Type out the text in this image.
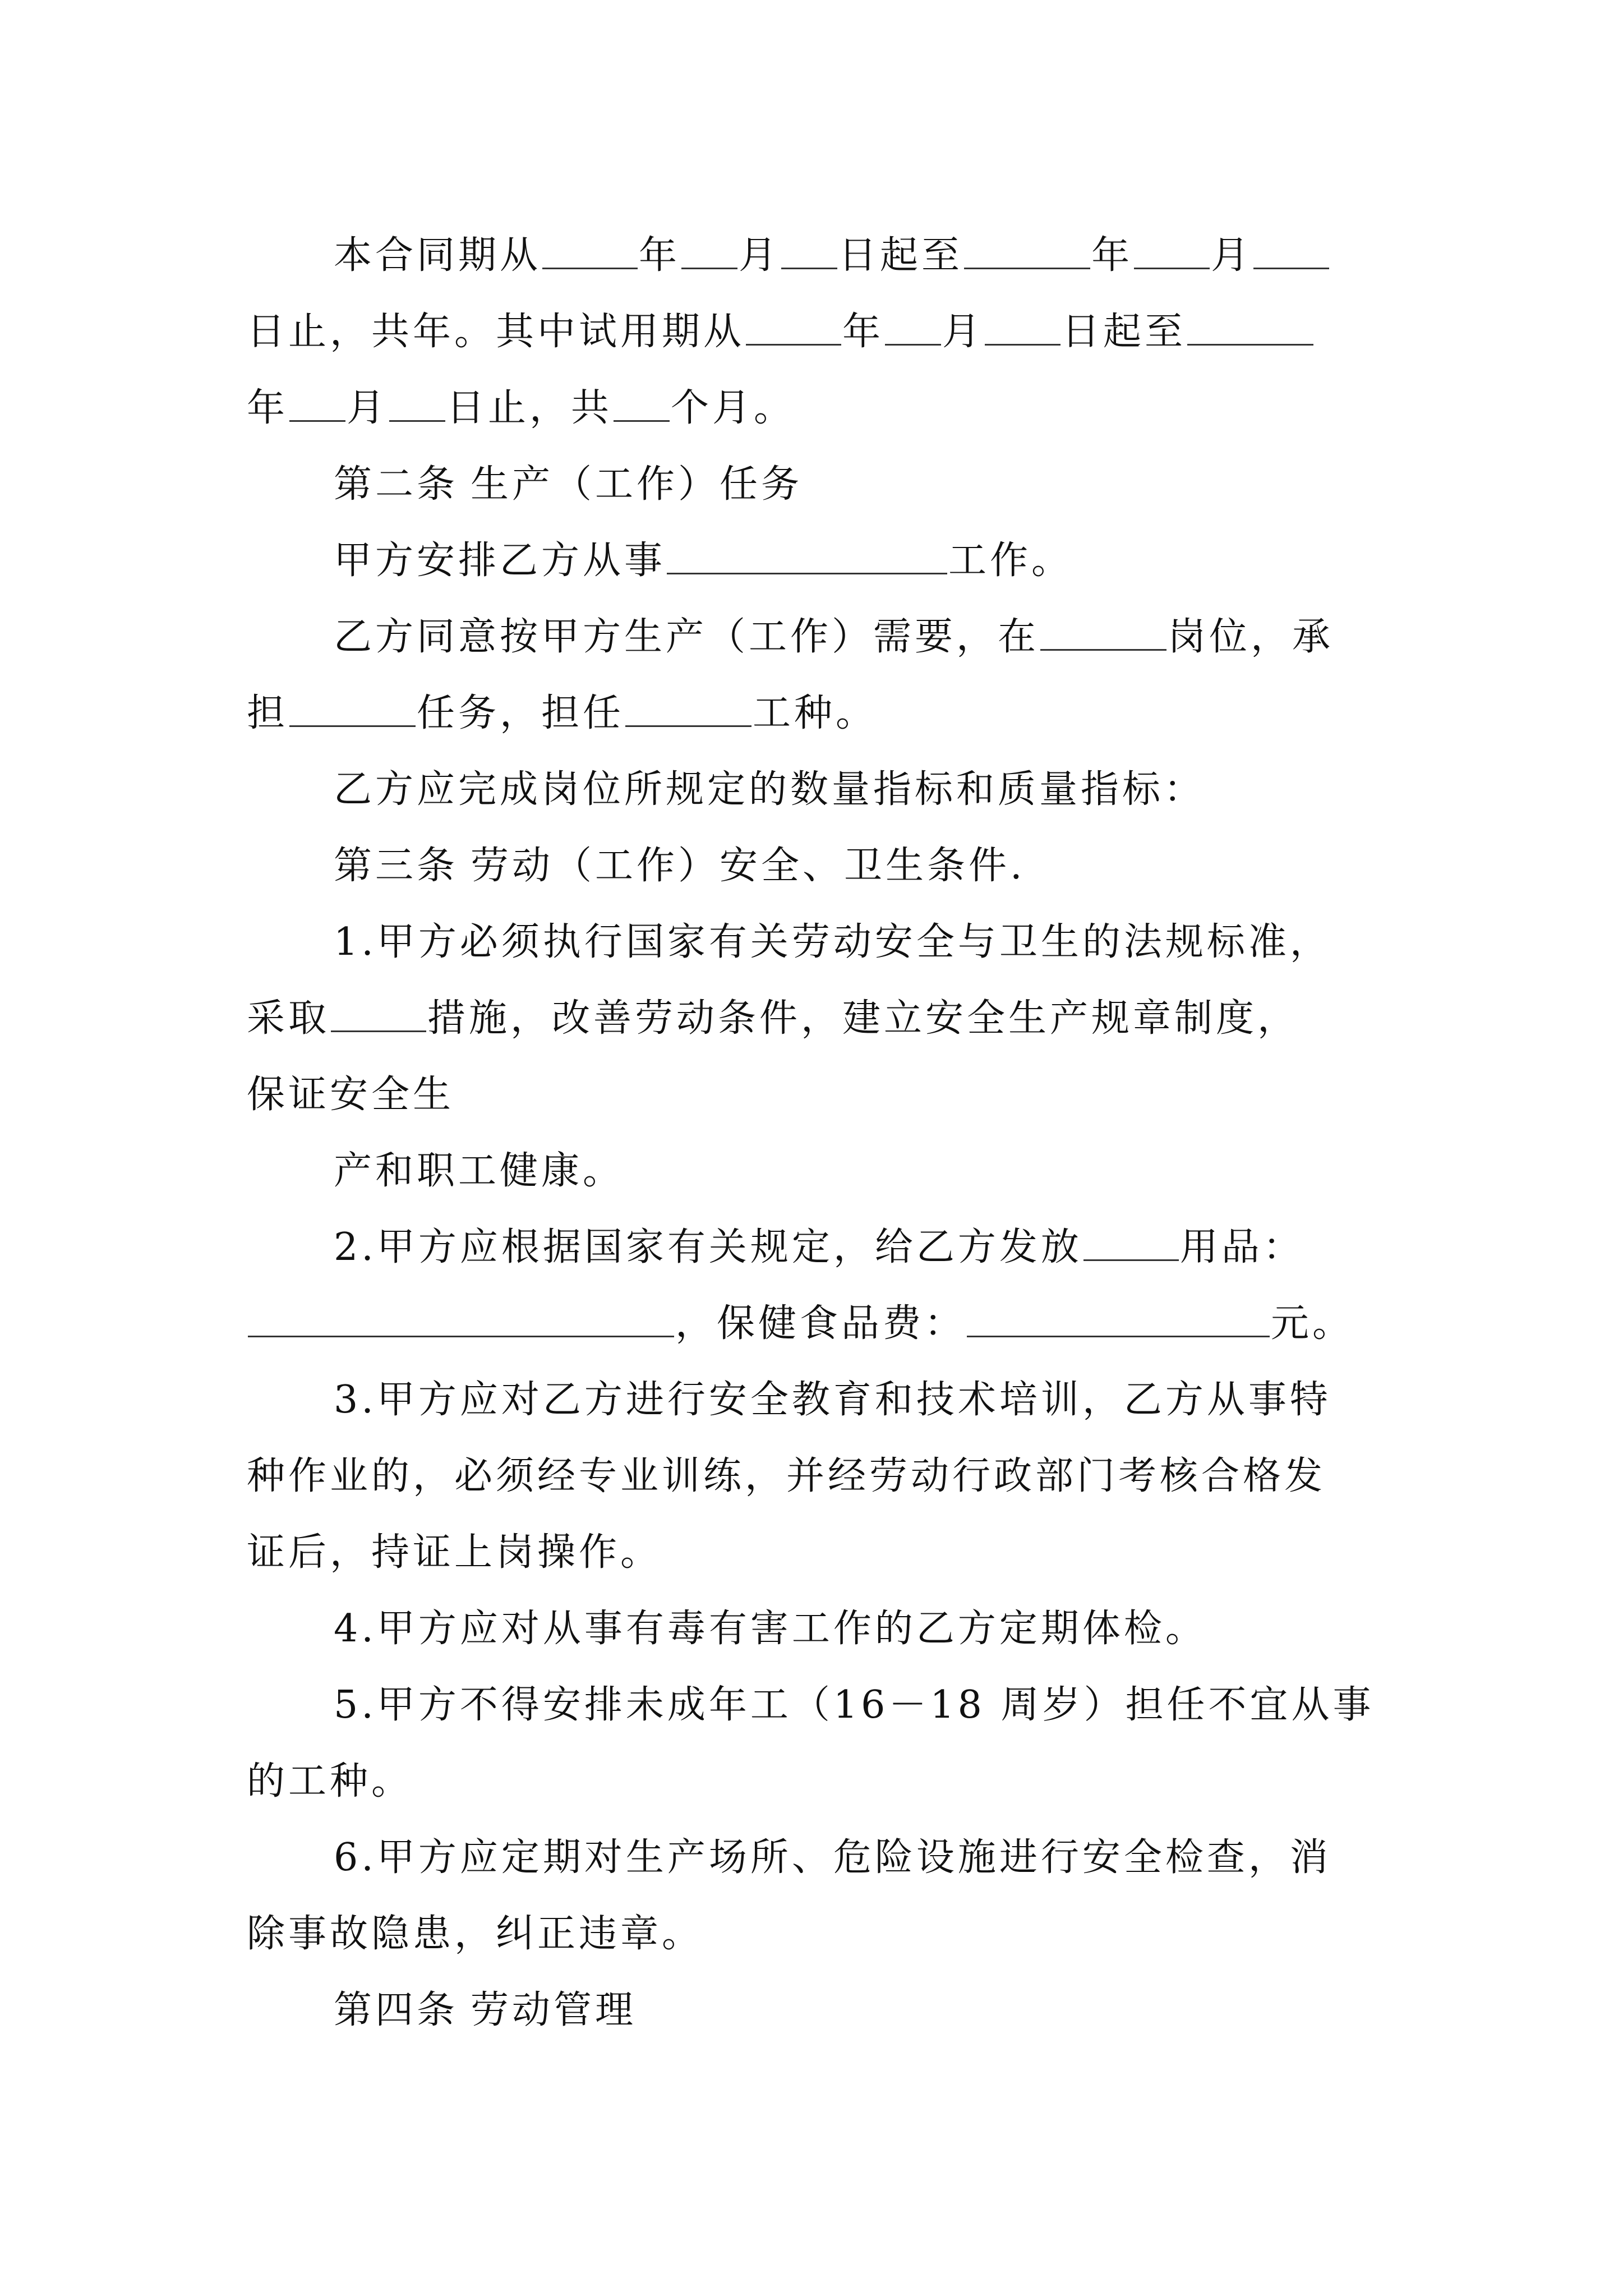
本合同期从	年 月 日起至	年 月
日止，共年。其中试用期从	年 月 日起至
年 月 日止，共 个月。
第二条 生产（工作）任务
甲方安排乙方从事	工作。
乙方同意按甲方生产（工作）需要，在	岗位，承
担	任务，担任	工种。
乙方应完成岗位所规定的数量指标和质量指标：
第三条 劳动（工作）安全、卫生条件.
1.甲方必须执行国家有关劳动安全与卫生的法规标准，
采取	措施，改善劳动条件，建立安全生产规章制度，
保证安全生
产和职工健康。
2.甲方应根据国家有关规定，给乙方发放	用品：
，保健食品费：	元。
3.甲方应对乙方进行安全教育和技术培训，乙方从事特
种作业的，必须经专业训练，并经劳动行政部门考核合格发
证后，持证上岗操作。
4.甲方应对从事有毒有害工作的乙方定期体检。
5.甲方不得安排未成年工（16－18 周岁）担任不宜从事
的工种。
6.甲方应定期对生产场所、危险设施进行安全检查，消
除事故隐患，纠正违章。
第四条 劳动管理
